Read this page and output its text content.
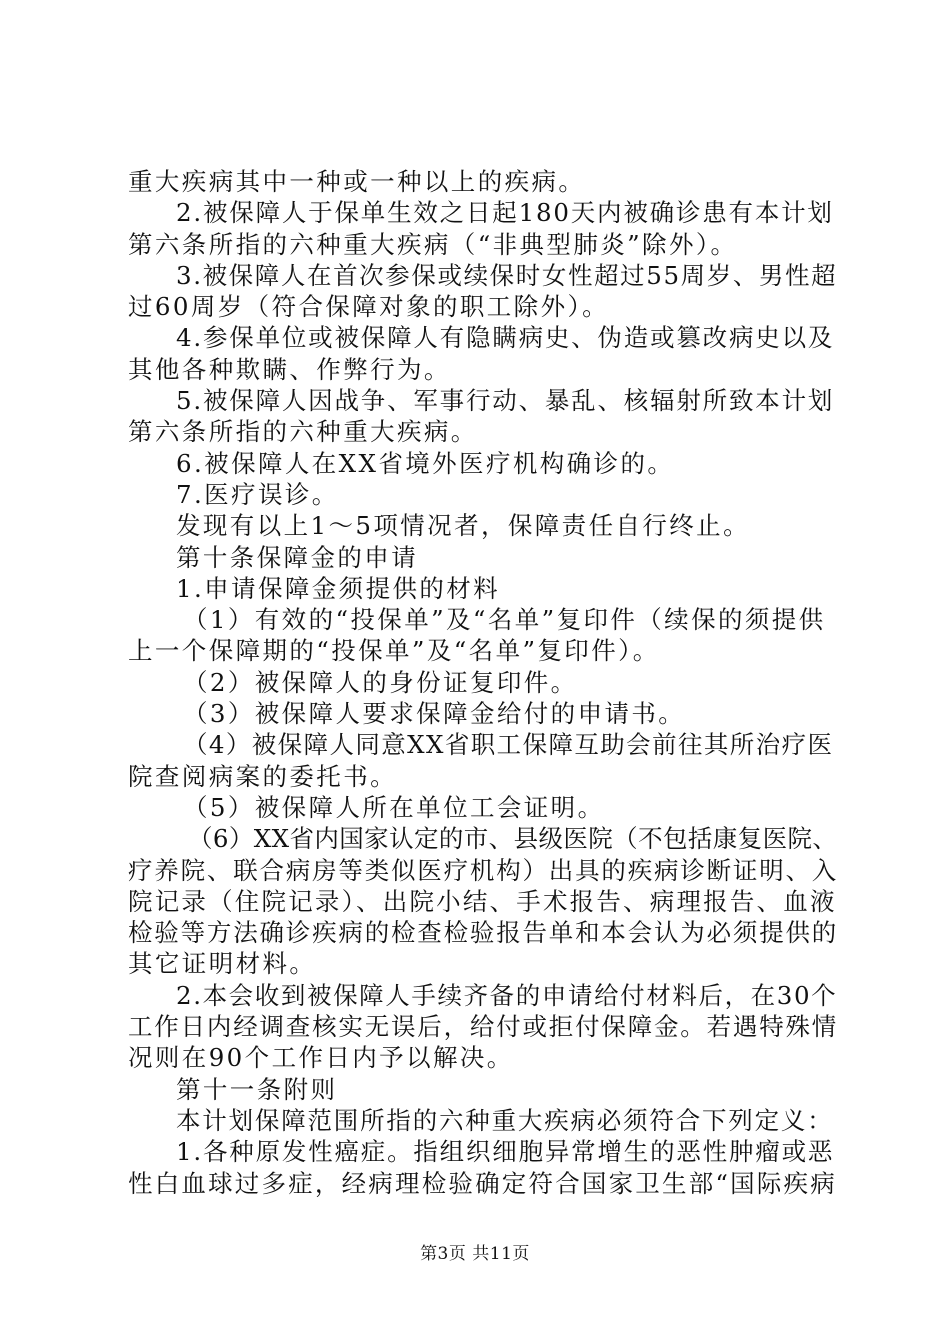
重大疾病其中一种或一种以上的疾病。
2.被保障人于保单生效之日起180天内被确诊患有本计划
第六条所指的六种重大疾病（“非典型肺炎”除外）。
3.被保障人在首次参保或续保时女性超过55周岁、男性超
过60周岁（符合保障对象的职工除外）。
4.参保单位或被保障人有隐瞒病史、伪造或篡改病史以及
其他各种欺瞒、作弊行为。
5.被保障人因战争、军事行动、暴乱、核辐射所致本计划
第六条所指的六种重大疾病。
6.被保障人在XX省境外医疗机构确诊的。
7.医疗误诊。
发现有以上1～5项情况者，保障责任自行终止。
第十条保障金的申请
1.申请保障金须提供的材料
（1）有效的“投保单”及“名单”复印件（续保的须提供
上一个保障期的“投保单”及“名单”复印件）。
（2）被保障人的身份证复印件。
（3）被保障人要求保障金给付的申请书。
（4）被保障人同意XX省职工保障互助会前往其所治疗医
院查阅病案的委托书。
（5）被保障人所在单位工会证明。
（6）XX省内国家认定的市、县级医院（不包括康复医院、
疗养院、联合病房等类似医疗机构）出具的疾病诊断证明、入
院记录（住院记录）、出院小结、手术报告、病理报告、血液
检验等方法确诊疾病的检查检验报告单和本会认为必须提供的
其它证明材料。
2.本会收到被保障人手续齐备的申请给付材料后，在30个
工作日内经调查核实无误后，给付或拒付保障金。若遇特殊情
况则在90个工作日内予以解决。
第十一条附则
本计划保障范围所指的六种重大疾病必须符合下列定义：
1.各种原发性癌症。指组织细胞异常增生的恶性肿瘤或恶
性白血球过多症，经病理检验确定符合国家卫生部“国际疾病
第3页 共11页
